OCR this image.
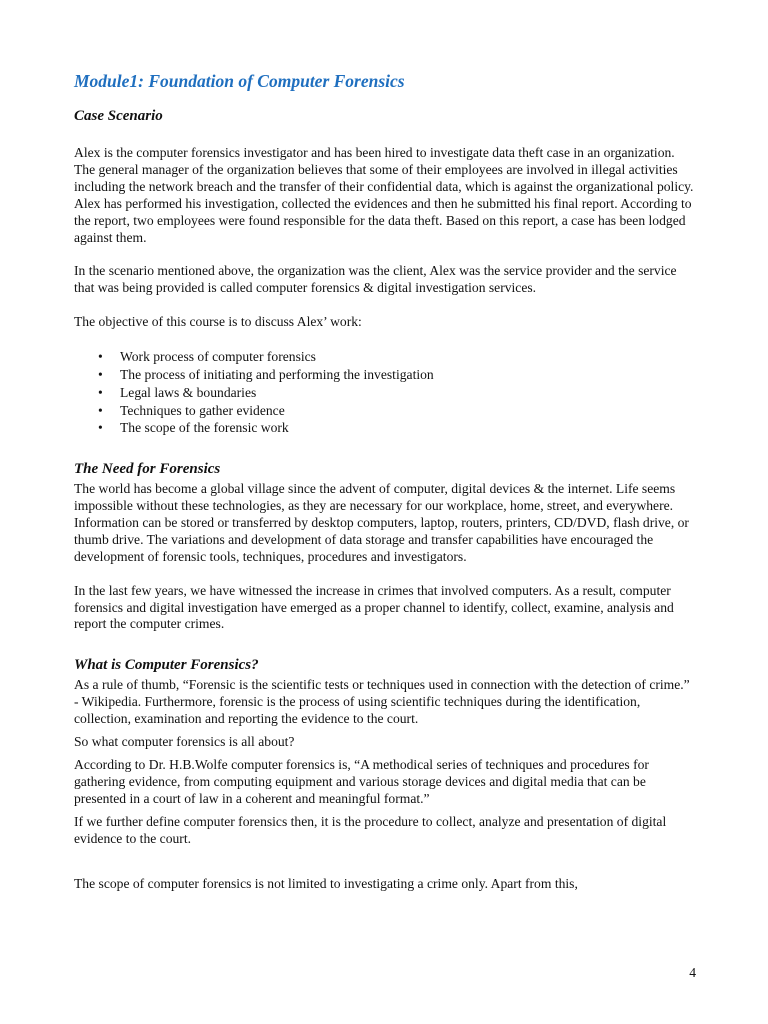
Module1: Foundation of Computer Forensics
Case Scenario

Alex is the computer forensics investigator and has been hired to investigate data theft case in an organization. The general manager of the organization believes that some of their employees are involved in illegal activities including the network breach and the transfer of their confidential data, which is against the organizational policy. Alex has performed his investigation, collected the evidences and then he submitted his final report. According to the report, two employees were found responsible for the data theft. Based on this report, a case has been lodged against them.

In the scenario mentioned above, the organization was the client, Alex was the service provider and the service that was being provided is called computer forensics & digital investigation services.

The objective of this course is to discuss Alex’ work:

• Work process of computer forensics
• The process of initiating and performing the investigation
• Legal laws & boundaries
• Techniques to gather evidence
• The scope of the forensic work
The Need for Forensics

The world has become a global village since the advent of computer, digital devices & the internet. Life seems impossible without these technologies, as they are necessary for our workplace, home, street, and everywhere. Information can be stored or transferred by desktop computers, laptop, routers, printers, CD/DVD, flash drive, or thumb drive. The variations and development of data storage and transfer capabilities have encouraged the development of forensic tools, techniques, procedures and investigators.

In the last few years, we have witnessed the increase in crimes that involved computers. As a result, computer forensics and digital investigation have emerged as a proper channel to identify, collect, examine, analysis and report the computer crimes.

What is Computer Forensics?

As a rule of thumb, “Forensic is the scientific tests or techniques used in connection with the detection of crime.” - Wikipedia. Furthermore, forensic is the process of using scientific techniques during the identification, collection, examination and reporting the evidence to the court.

So what computer forensics is all about?

According to Dr. H.B.Wolfe computer forensics is, “A methodical series of techniques and procedures for gathering evidence, from computing equipment and various storage devices and digital media that can be presented in a court of law in a coherent and meaningful format.”

If we further define computer forensics then, it is the procedure to collect, analyze and presentation of digital evidence to the court.

The scope of computer forensics is not limited to investigating a crime only. Apart from this,

4
